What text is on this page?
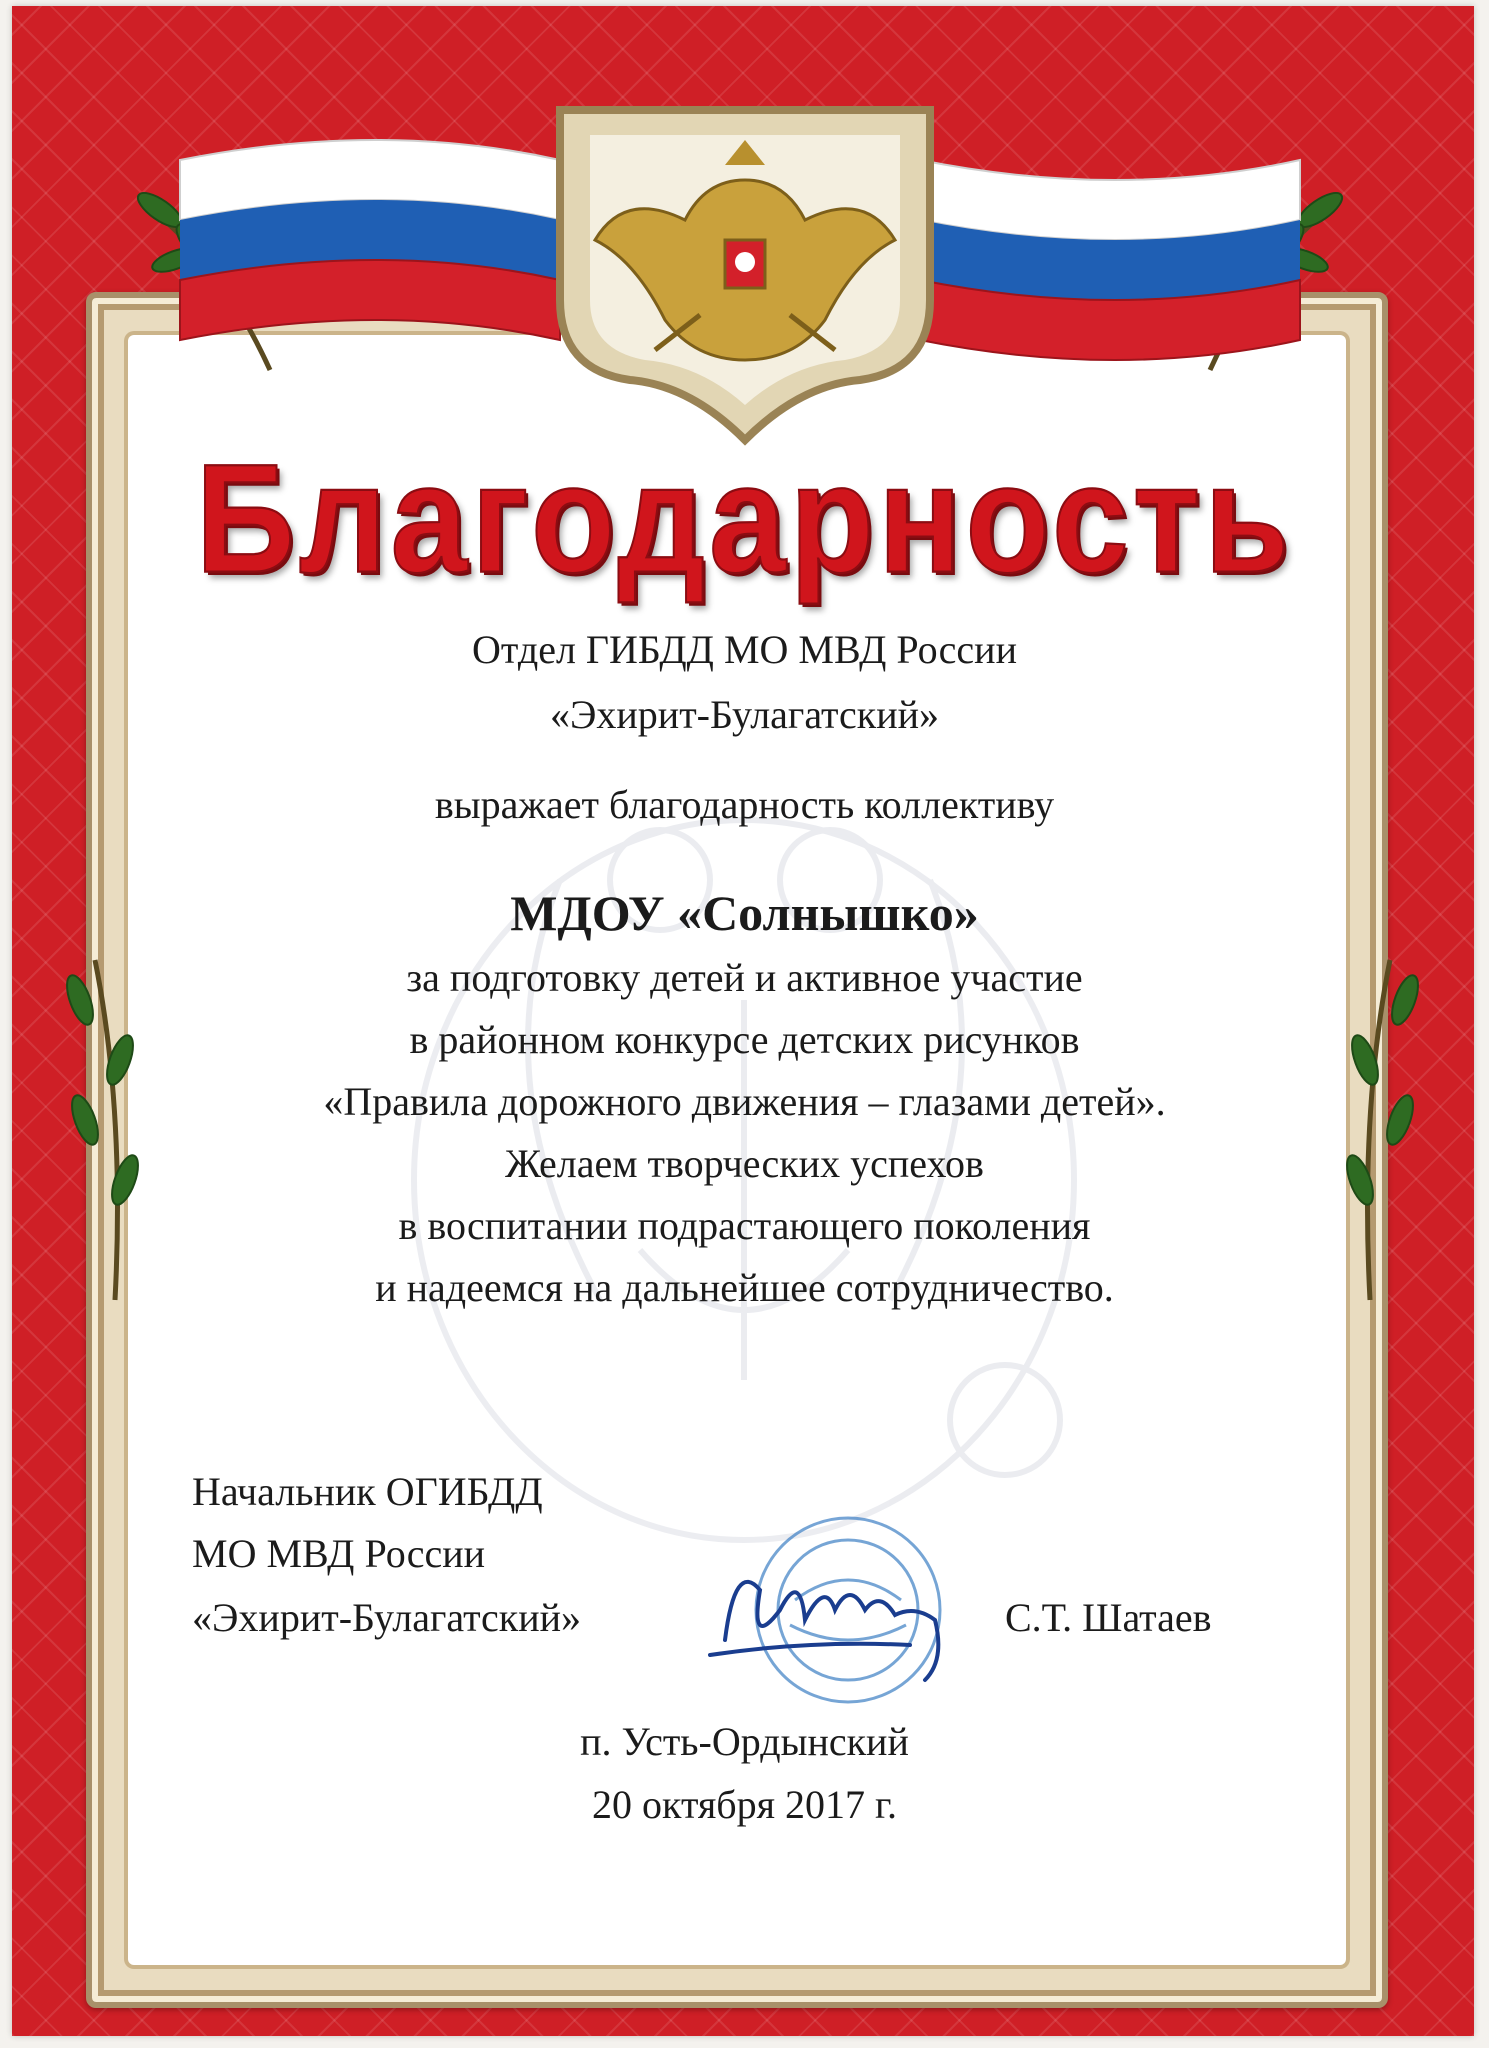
Благодарность
Отдел ГИБДД МО МВД России
«Эхирит-Булагатский»
выражает благодарность коллективу
МДОУ «Солнышко»
за подготовку детей и активное участие
в районном конкурсе детских рисунков
«Правила дорожного движения – глазами детей».
Желаем творческих успехов
в воспитании подрастающего поколения
и надеемся на дальнейшее сотрудничество.
Начальник ОГИБДД
МО МВД России
«Эхирит-Булагатский»	С.Т. Шатаев
п. Усть-Ордынский
20 октября 2017 г.
